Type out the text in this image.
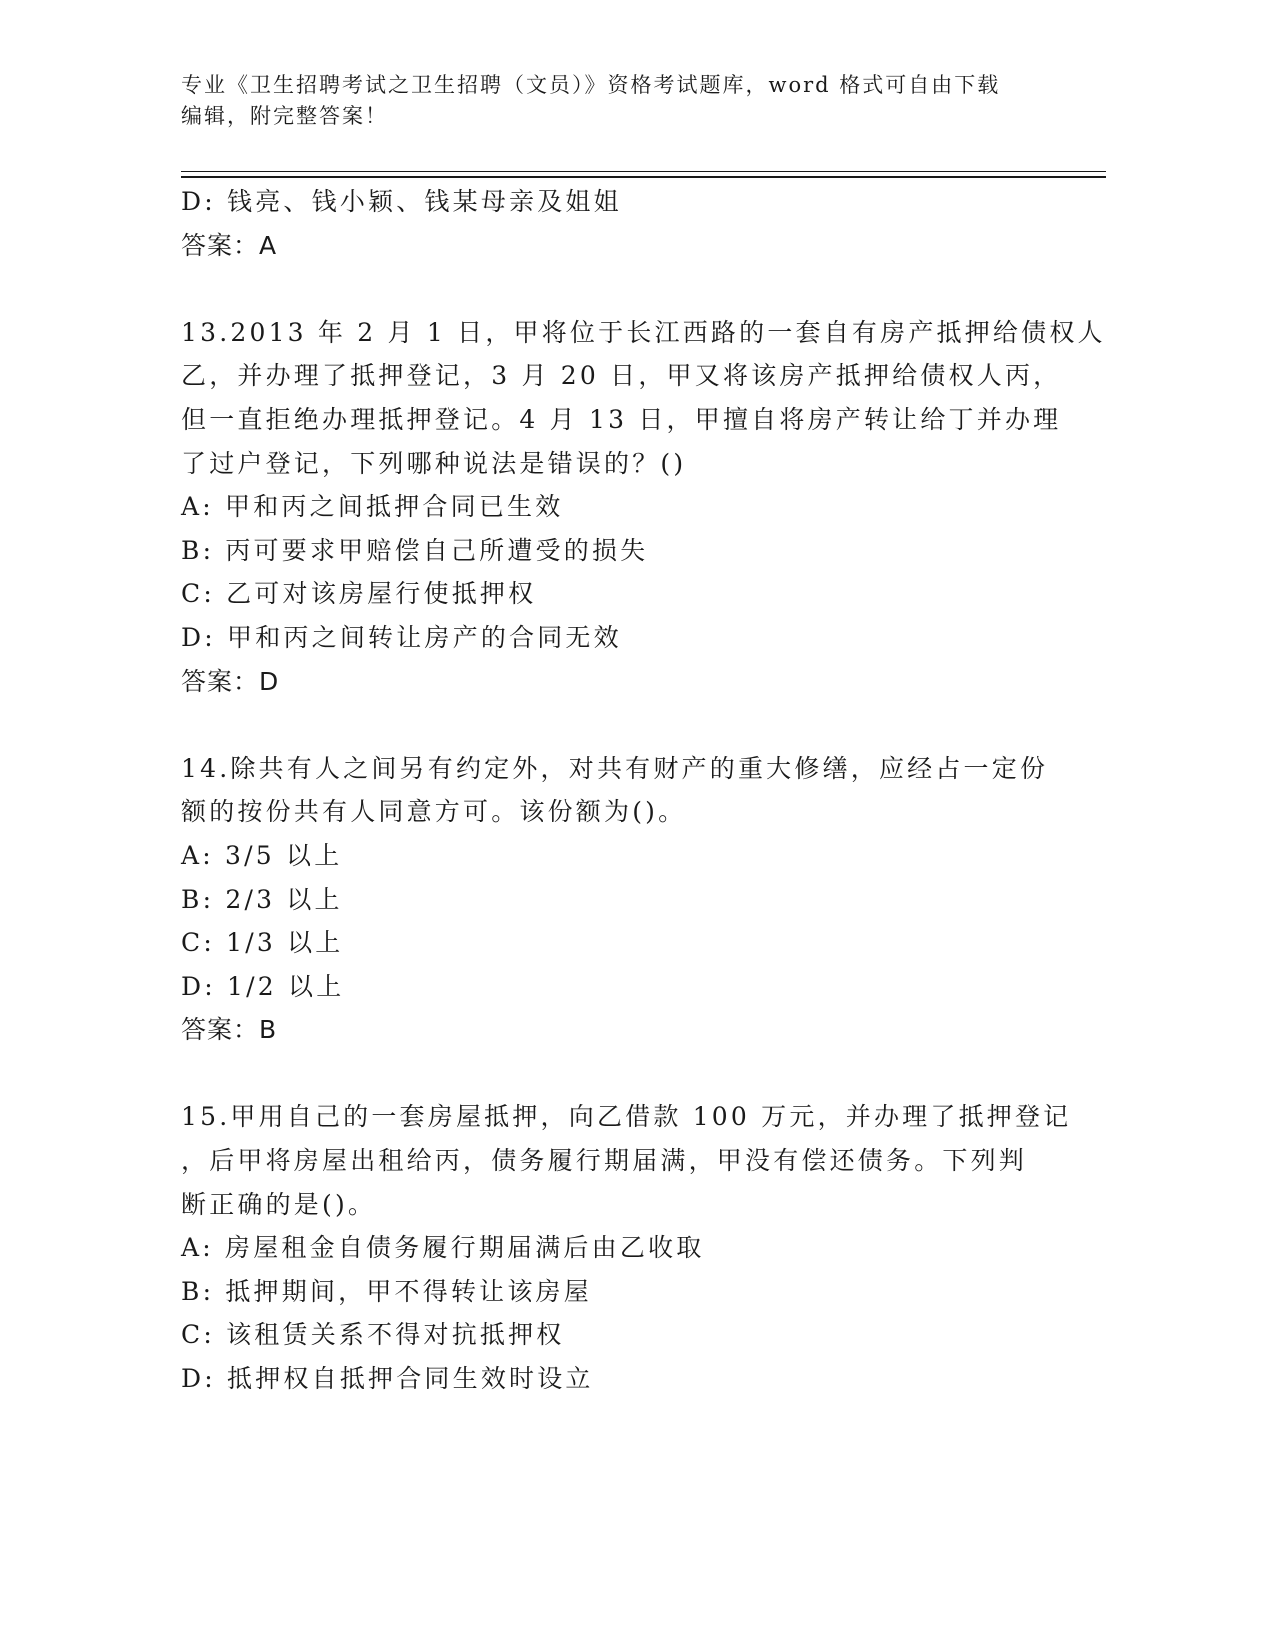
专业《卫生招聘考试之卫生招聘（文员）》资格考试题库，word 格式可自由下载
编辑，附完整答案！
D: 钱亮、钱小颖、钱某母亲及姐姐
答案：A
13.2013 年 2 月 1 日，甲将位于长江西路的一套自有房产抵押给债权人
乙，并办理了抵押登记，3 月 20 日，甲又将该房产抵押给债权人丙，
但一直拒绝办理抵押登记。4 月 13 日，甲擅自将房产转让给丁并办理
了过户登记，下列哪种说法是错误的？()
A: 甲和丙之间抵押合同已生效
B: 丙可要求甲赔偿自己所遭受的损失
C: 乙可对该房屋行使抵押权
D: 甲和丙之间转让房产的合同无效
答案：D
14.除共有人之间另有约定外，对共有财产的重大修缮，应经占一定份
额的按份共有人同意方可。该份额为()。
A: 3/5 以上
B: 2/3 以上
C: 1/3 以上
D: 1/2 以上
答案：B
15.甲用自己的一套房屋抵押，向乙借款 100 万元，并办理了抵押登记
，后甲将房屋出租给丙，债务履行期届满，甲没有偿还债务。下列判
断正确的是()。
A: 房屋租金自债务履行期届满后由乙收取
B: 抵押期间，甲不得转让该房屋
C: 该租赁关系不得对抗抵押权
D: 抵押权自抵押合同生效时设立
